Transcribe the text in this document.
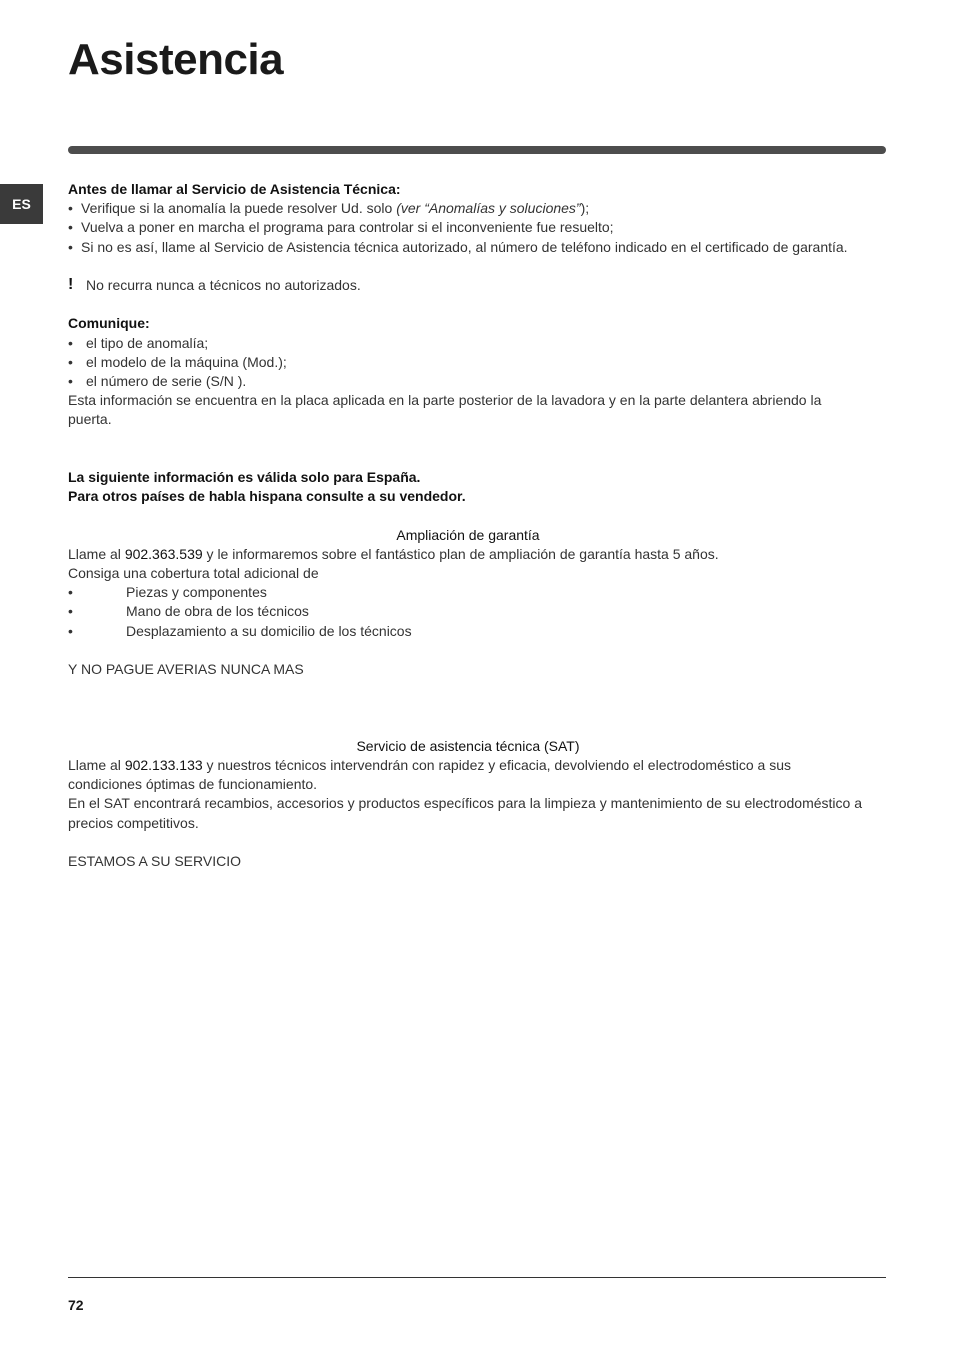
Asistencia
ES

Antes de llamar al Servicio de Asistencia Técnica:

• Verifique si la anomalía la puede resolver Ud. solo (ver “Anomalías y soluciones”);

• Vuelva a poner en marcha el programa para controlar si el inconveniente fue resuelto;

• Si no es así, llame al Servicio de Asistencia técnica autorizado, al número de teléfono indicado en el certificado de garantía.

! No recurra nunca a técnicos no autorizados.

Comunique:

• el tipo de anomalía;

• el modelo de la máquina (Mod.);

• el número de serie (S/N ).

Esta información se encuentra en la placa aplicada en la parte posterior de la lavadora y en la parte delantera abriendo la puerta.

La siguiente información es válida solo para España.

Para otros países de habla hispana consulte a su vendedor.

Ampliación de garantía

Llame al 902.363.539 y le informaremos sobre el fantástico plan de ampliación de garantía hasta 5 años.

Consiga una cobertura total adicional de

•	Piezas y componentes

•	Mano de obra de los técnicos

•	Desplazamiento a su domicilio de los técnicos

Y NO PAGUE AVERIAS NUNCA MAS

Servicio de asistencia técnica (SAT)

Llame al 902.133.133 y nuestros técnicos intervendrán con rapidez y eficacia, devolviendo el electrodoméstico a sus condiciones óptimas de funcionamiento.

En el SAT encontrará recambios, accesorios y productos específicos para la limpieza y mantenimiento de su electrodoméstico a precios competitivos.

ESTAMOS A SU SERVICIO

72
